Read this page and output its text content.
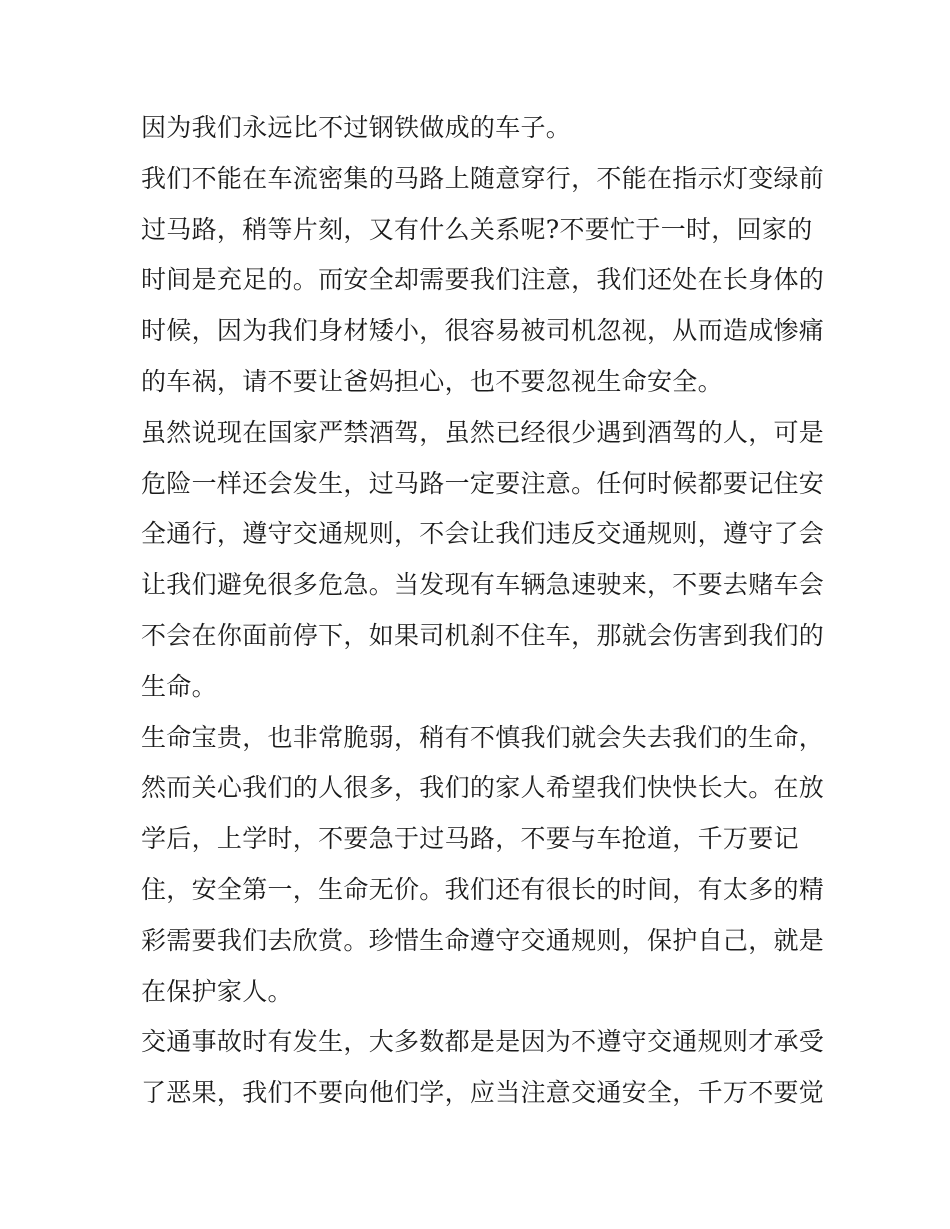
因为我们永远比不过钢铁做成的车子。
我们不能在车流密集的马路上随意穿行，不能在指示灯变绿前
过马路，稍等片刻，又有什么关系呢?不要忙于一时，回家的
时间是充足的。而安全却需要我们注意，我们还处在长身体的
时候，因为我们身材矮小，很容易被司机忽视，从而造成惨痛
的车祸，请不要让爸妈担心，也不要忽视生命安全。
虽然说现在国家严禁酒驾，虽然已经很少遇到酒驾的人，可是
危险一样还会发生，过马路一定要注意。任何时候都要记住安
全通行，遵守交通规则，不会让我们违反交通规则，遵守了会
让我们避免很多危急。当发现有车辆急速驶来，不要去赌车会
不会在你面前停下，如果司机刹不住车，那就会伤害到我们的
生命。
生命宝贵，也非常脆弱，稍有不慎我们就会失去我们的生命，
然而关心我们的人很多，我们的家人希望我们快快长大。在放
学后，上学时，不要急于过马路，不要与车抢道，千万要记
住，安全第一，生命无价。我们还有很长的时间，有太多的精
彩需要我们去欣赏。珍惜生命遵守交通规则，保护自己，就是
在保护家人。
交通事故时有发生，大多数都是是因为不遵守交通规则才承受
了恶果，我们不要向他们学，应当注意交通安全，千万不要觉
